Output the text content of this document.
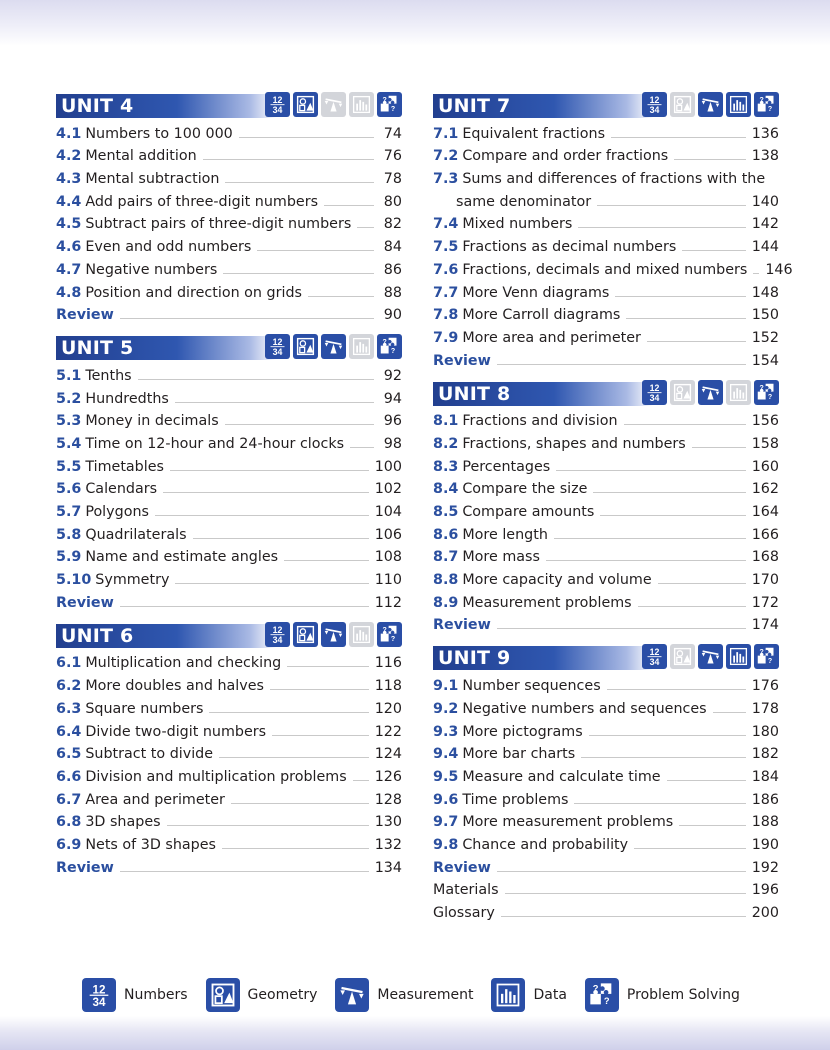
UNIT 4	12
34
?
?
4.1 Numbers to 100 000	74
4.2 Mental addition	76
4.3 Mental subtraction	78
4.4 Add pairs of three-digit numbers	80
4.5 Subtract pairs of three-digit numbers 82
4.6 Even and odd numbers	84
4.7 Negative numbers	86
4.8 Position and direction on grids	88
Review	90
UNIT 5	12
34
?
?
5.1 Tenths	92
5.2 Hundredths	94
5.3 Money in decimals	96
5.4 Time on 12-hour and 24-hour clocks	98
5.5 Timetables	100
5.6 Calendars	102
5.7 Polygons	104
5.8 Quadrilaterals	106
5.9 Name and estimate angles	108
5.10 Symmetry	110
Review	112
UNIT 6	12
34
?
?
6.1 Multiplication and checking	116
6.2 More doubles and halves	118
6.3 Square numbers	120
6.4 Divide two-digit numbers	122
6.5 Subtract to divide	124
6.6 Division and multiplication problems 126
6.7 Area and perimeter	128
6.8 3D shapes	130
6.9 Nets of 3D shapes	132
Review	134
UNIT 7	12
34
?
?
7.1 Equivalent fractions	136
7.2 Compare and order fractions	138
7.3 Sums and differences of fractions with the
same denominator	140
7.4 Mixed numbers	142
7.5 Fractions as decimal numbers	144
7.6 Fractions, decimals and mixed numbers 146
7.7 More Venn diagrams	148
7.8 More Carroll diagrams	150
7.9 More area and perimeter	152
Review	154
UNIT 8	12
34
?
?
8.1 Fractions and division	156
8.2 Fractions, shapes and numbers	158
8.3 Percentages	160
8.4 Compare the size	162
8.5 Compare amounts	164
8.6 More length	166
8.7 More mass	168
8.8 More capacity and volume	170
8.9 Measurement problems	172
Review	174
UNIT 9	12
34
?
?
9.1 Number sequences	176
9.2 Negative numbers and sequences	178
9.3 More pictograms	180
9.4 More bar charts	182
9.5 Measure and calculate time	184
9.6 Time problems	186
9.7 More measurement problems	188
9.8 Chance and probability	190
Review	192
Materials	196
Glossary	200
12
34 Numbers	Geometry	Measurement	Data	?
? Problem Solving
